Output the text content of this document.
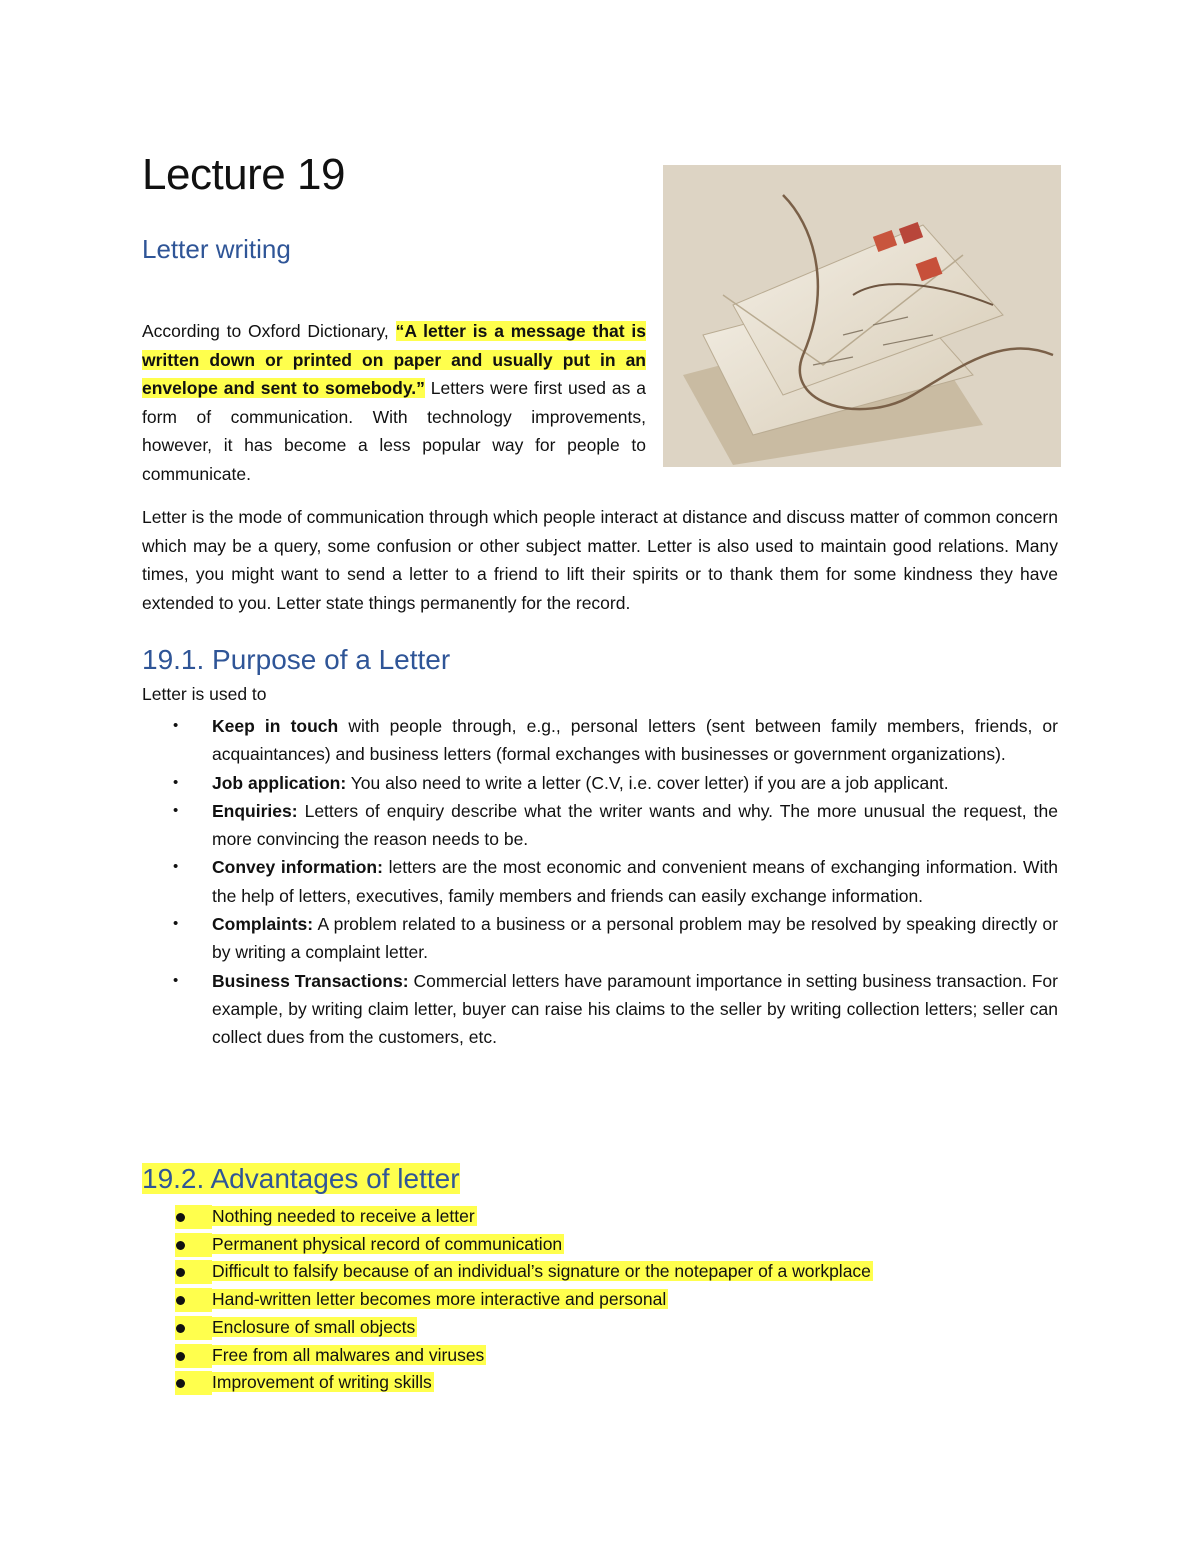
Lecture 19
Letter writing
According to Oxford Dictionary, “A letter is a message that is written down or printed on paper and usually put in an envelope and sent to somebody.” Letters were first used as a form of communication. With technology improvements, however, it has become a less popular way for people to communicate.
Letter is the mode of communication through which people interact at distance and discuss matter of common concern which may be a query, some confusion or other subject matter. Letter is also used to maintain good relations. Many times, you might want to send a letter to a friend to lift their spirits or to thank them for some kindness they have extended to you. Letter state things permanently for the record.
19.1. Purpose of a Letter
Letter is used to
• Keep in touch with people through, e.g., personal letters (sent between family members, friends, or acquaintances) and business letters (formal exchanges with businesses or government organizations).
• Job application: You also need to write a letter (C.V, i.e. cover letter) if you are a job applicant.
• Enquiries: Letters of enquiry describe what the writer wants and why. The more unusual the request, the more convincing the reason needs to be.
• Convey information: letters are the most economic and convenient means of exchanging information. With the help of letters, executives, family members and friends can easily exchange information.
• Complaints: A problem related to a business or a personal problem may be resolved by speaking directly or by writing a complaint letter.
• Business Transactions: Commercial letters have paramount importance in setting business transaction. For example, by writing claim letter, buyer can raise his claims to the seller by writing collection letters; seller can collect dues from the customers, etc.
19.2. Advantages of letter
Nothing needed to receive a letter
Permanent physical record of communication
Difficult to falsify because of an individual’s signature or the notepaper of a workplace
Hand-written letter becomes more interactive and personal
Enclosure of small objects
Free from all malwares and viruses
Improvement of writing skills
